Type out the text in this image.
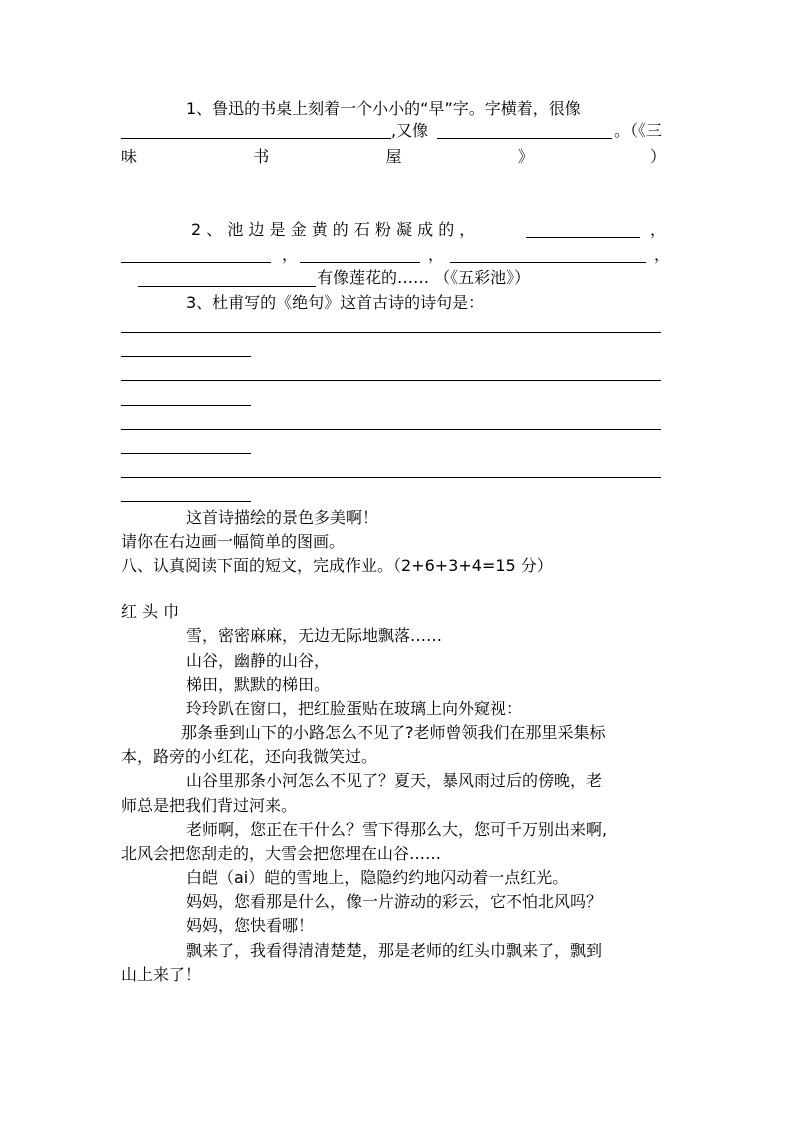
1、鲁迅的书桌上刻着一个小小的“早”字。字横着，很像
,又像	。（《三
味	书	屋	》	）
2 、 池 边 是 金 黄 的 石 粉 凝 成 的 ，	，
，	，	，
有像莲花的…… （《五彩池》）
3、杜甫写的《绝句》这首古诗的诗句是：
这首诗描绘的景色多美啊！
请你在右边画一幅简单的图画。
八、认真阅读下面的短文，完成作业。（2+6+3+4=15 分）
红 头 巾
雪，密密麻麻，无边无际地飘落……
山谷，幽静的山谷，
梯田，默默的梯田。
玲玲趴在窗口，把红脸蛋贴在玻璃上向外窥视：
那条垂到山下的小路怎么不见了?老师曾领我们在那里采集标
本，路旁的小红花，还向我微笑过。
山谷里那条小河怎么不见了？夏天，暴风雨过后的傍晚，老
师总是把我们背过河来。
老师啊，您正在干什么？雪下得那么大，您可千万别出来啊,
北风会把您刮走的，大雪会把您埋在山谷……
白皑（ai）皑的雪地上，隐隐约约地闪动着一点红光。
妈妈，您看那是什么，像一片游动的彩云，它不怕北风吗？
妈妈，您快看哪！
飘来了，我看得清清楚楚，那是老师的红头巾飘来了，飘到
山上来了！
